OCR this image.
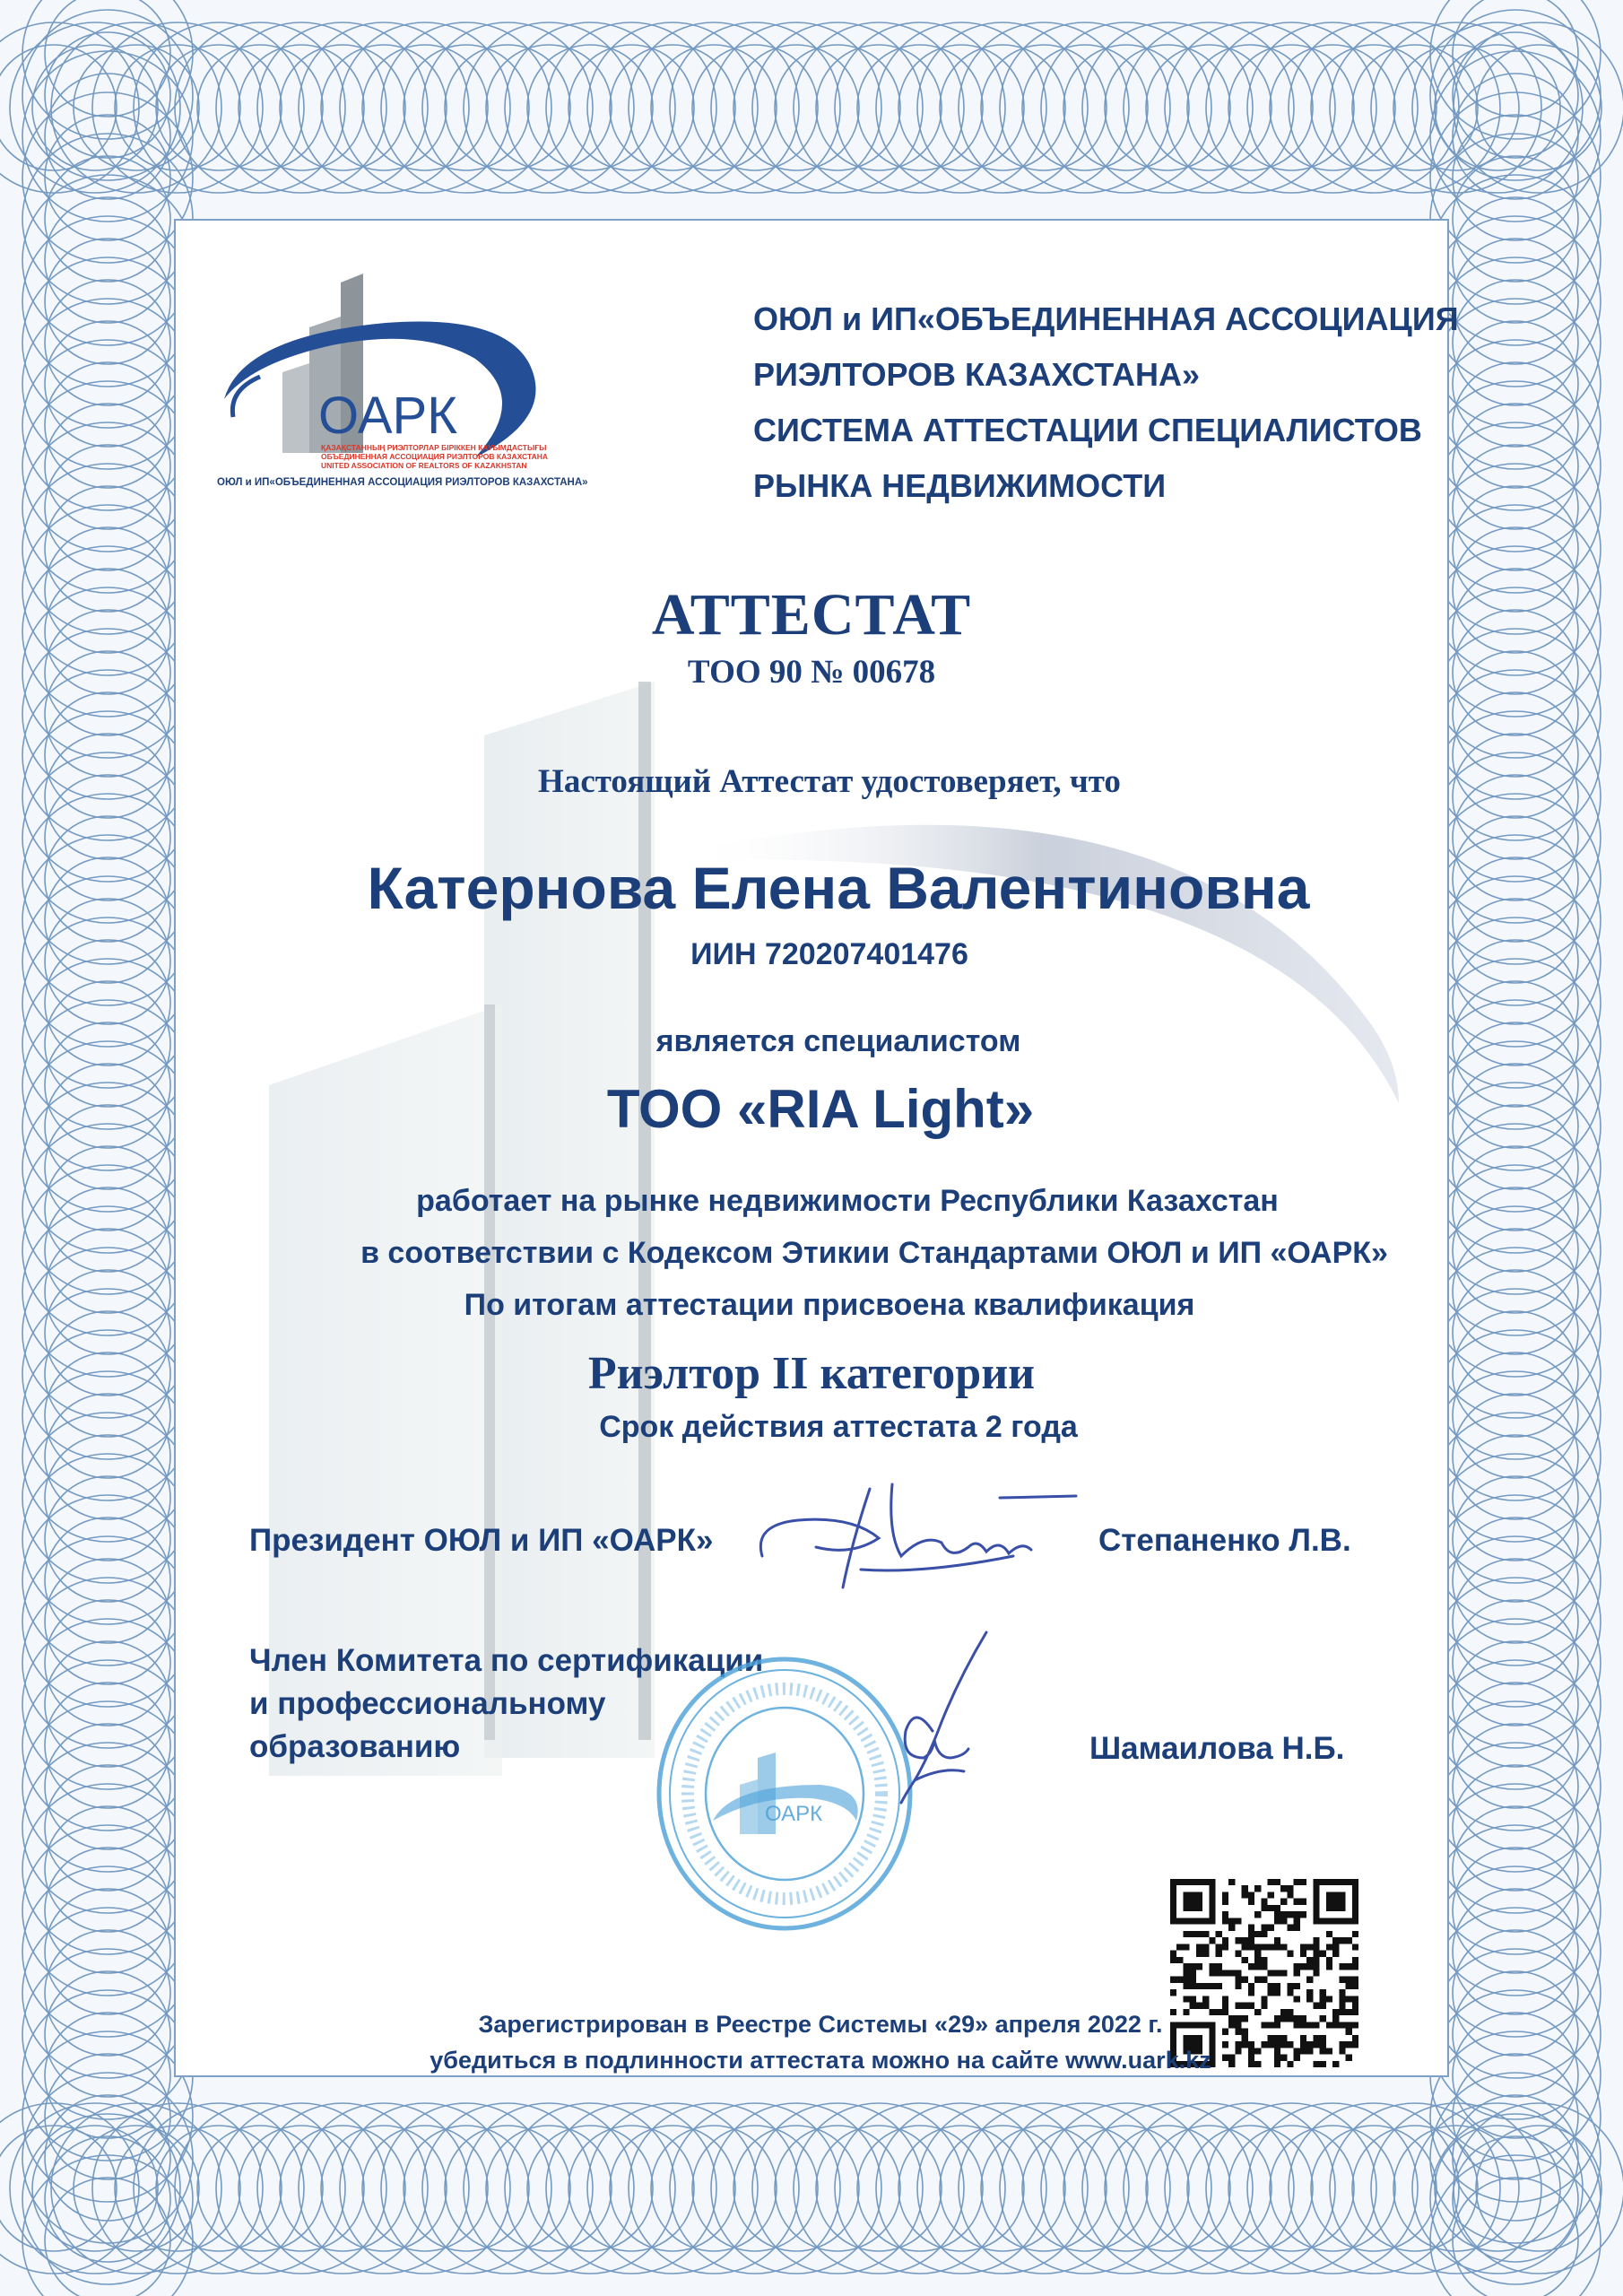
ОАРК
ҚАЗАҚСТАННЫҢ РИЭЛТОРЛАР БІРІККЕН ҚАУЫМДАСТЫҒЫ
ОБЪЕДИНЕННАЯ АССОЦИАЦИЯ РИЭЛТОРОВ КАЗАХСТАНА
UNITED ASSOCIATION OF REALTORS OF KAZAKHSTAN
ОЮЛ и ИП«ОБЪЕДИНЕННАЯ АССОЦИАЦИЯ РИЭЛТОРОВ КАЗАХСТАНА»
ОЮЛ и ИП«ОБЪЕДИНЕННАЯ АССОЦИАЦИЯ
РИЭЛТОРОВ КАЗАХСТАНА»
СИСТЕМА АТТЕСТАЦИИ СПЕЦИАЛИСТОВ
РЫНКА НЕДВИЖИМОСТИ
АТТЕСТАТ
ТОО 90 № 00678
Настоящий Аттестат удостоверяет, что
Катернова Елена Валентиновна
ИИН 720207401476
является специалистом
ТОО «RIA Light»
работает на рынке недвижимости Республики Казахстан
в соответствии с Кодексом Этикии Стандартами ОЮЛ и ИП «ОАРК»
По итогам аттестации присвоена квалификация
Риэлтор II категории
Срок действия аттестата 2 года
Президент ОЮЛ и ИП «ОАРК»	Степаненко Л.В.
Член Комитета по сертификации
и профессиональному
образованию	Шамаилова Н.Б.
ОАРК
Зарегистрирован в Реестре Системы «29» апреля 2022 г.
убедиться в подлинности аттестата можно на сайте www.uark.kz
